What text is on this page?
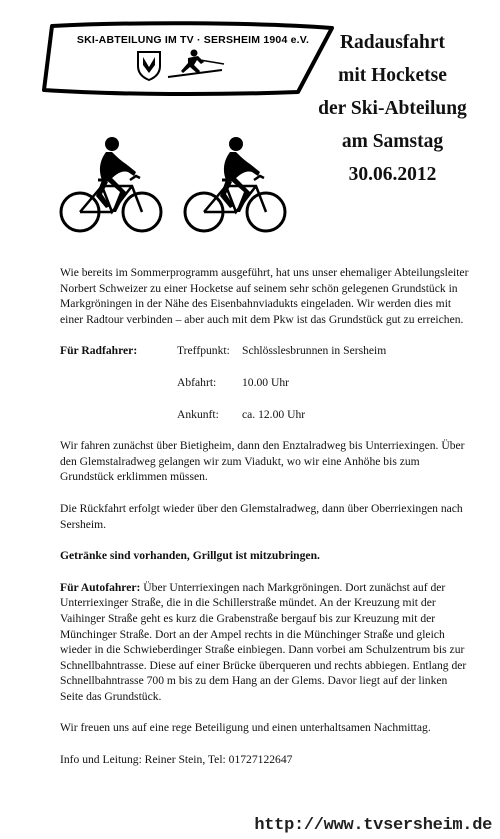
SKI-ABTEILUNG IM TV · SERSHEIM 1904 e.V.	Radausfahrt
mit Hocketse
der Ski-Abteilung
am Samstag
30.06.2012

Wie bereits im Sommerprogramm ausgeführt, hat uns unser ehemaliger Abteilungsleiter Norbert Schweizer zu einer Hocketse auf seinem sehr schön gelegenen Grundstück in Markgröningen in der Nähe des Eisenbahnviadukts eingeladen. Wir werden dies mit einer Radtour verbinden – aber auch mit dem Pkw ist das Grundstück gut zu erreichen.

Für Radfahrer:	Treffpunkt: Schlösslesbrunnen in Sersheim
Abfahrt: 10.00 Uhr
Ankunft: ca. 12.00 Uhr

Wir fahren zunächst über Bietigheim, dann den Enztalradweg bis Unterriexingen. Über den Glemstalradweg gelangen wir zum Viadukt, wo wir eine Anhöhe bis zum Grundstück erklimmen müssen.

Die Rückfahrt erfolgt wieder über den Glemstalradweg, dann über Oberriexingen nach Sersheim.

Getränke sind vorhanden, Grillgut ist mitzubringen.

Für Autofahrer: Über Unterriexingen nach Markgröningen. Dort zunächst auf der Unterriexinger Straße, die in die Schillerstraße mündet. An der Kreuzung mit der Vaihinger Straße geht es kurz die Grabenstraße bergauf bis zur Kreuzung mit der Münchinger Straße. Dort an der Ampel rechts in die Münchinger Straße und gleich wieder in die Schwieberdinger Straße einbiegen. Dann vorbei am Schulzentrum bis zur Schnellbahntrasse. Diese auf einer Brücke überqueren und rechts abbiegen. Entlang der Schnellbahntrasse 700 m bis zu dem Hang an der Glems. Davor liegt auf der linken Seite das Grundstück.

Wir freuen uns auf eine rege Beteiligung und einen unterhaltsamen Nachmittag.

Info und Leitung: Reiner Stein, Tel: 01727122647

http://www.tvsersheim.de
